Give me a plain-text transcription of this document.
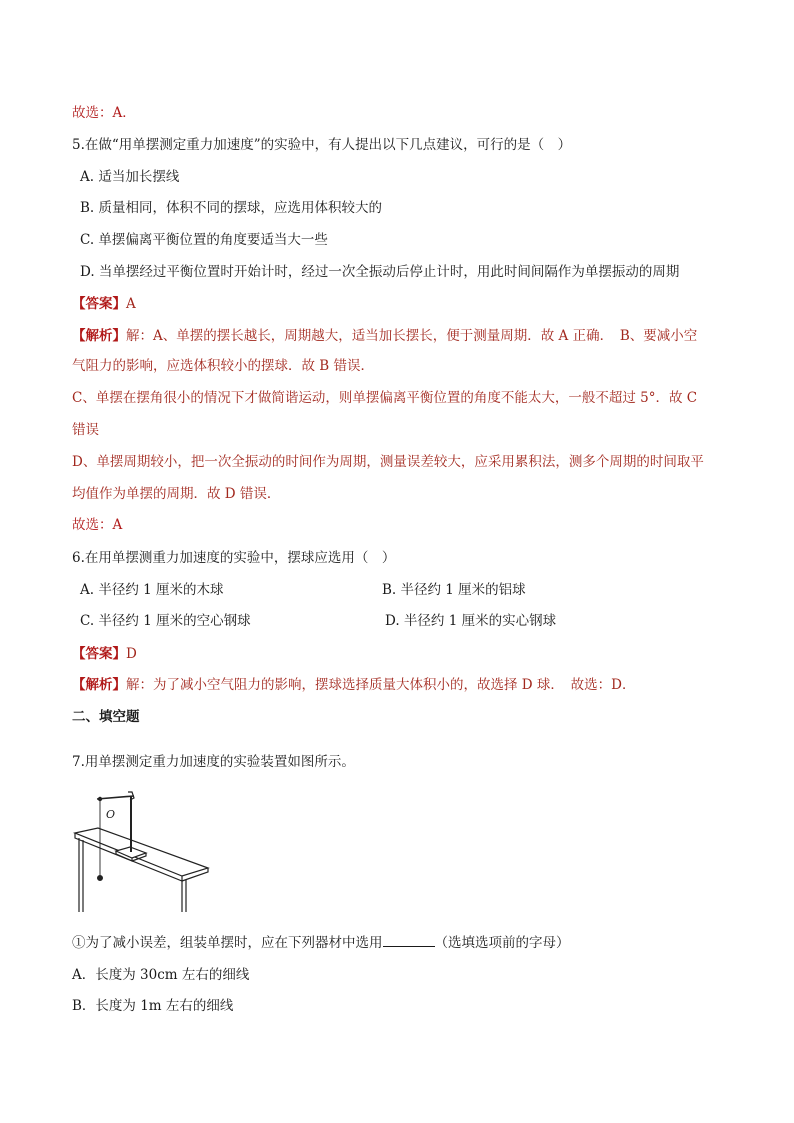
故选：A．
5.在做“用单摆测定重力加速度”的实验中，有人提出以下几点建议，可行的是（　）
A. 适当加长摆线
B. 质量相同，体积不同的摆球，应选用体积较大的
C. 单摆偏离平衡位置的角度要适当大一些
D. 当单摆经过平衡位置时开始计时，经过一次全振动后停止计时，用此时间间隔作为单摆振动的周期
【答案】A
【解析】解：A、单摆的摆长越长，周期越大，适当加长摆长，便于测量周期．故 A 正确．　B、要减小空
气阻力的影响，应选体积较小的摆球．故 B 错误．
C、单摆在摆角很小的情况下才做简谐运动，则单摆偏离平衡位置的角度不能太大，一般不超过 5°．故 C
错误
D、单摆周期较小，把一次全振动的时间作为周期，测量误差较大，应采用累积法，测多个周期的时间取平
均值作为单摆的周期．故 D 错误．
故选：A
6.在用单摆测重力加速度的实验中，摆球应选用（　）
A. 半径约 1 厘米的木球	B. 半径约 1 厘米的铝球
C. 半径约 1 厘米的空心钢球	D. 半径约 1 厘米的实心钢球
【答案】D
【解析】解：为了减小空气阻力的影响，摆球选择质量大体积小的，故选择 D 球．　故选：D．
二、填空题
7.用单摆测定重力加速度的实验装置如图所示。
O
①为了减小误差，组装单摆时，应在下列器材中选用	（选填选项前的字母）
A．长度为 30cm 左右的细线
B．长度为 1m 左右的细线
